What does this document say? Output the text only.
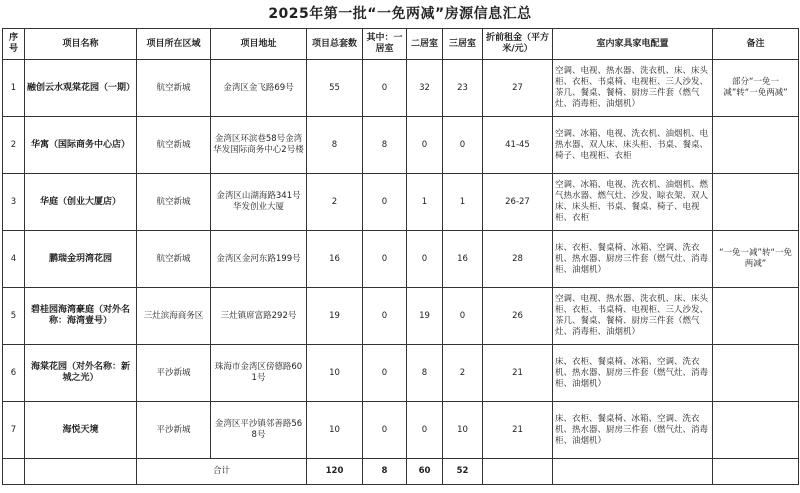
2025年第一批“一免两减”房源信息汇总
序号	项目名称	项目所在区域	项目地址	项目总套数	其中：一居室	二居室	三居室	折前租金（平方米/元）	室内家具家电配置	备注
1	融创云水观棠花园（一期）	航空新城	金湾区金飞路69号	55	0	32	23	27	空调、电视、热水器、洗衣机、床、床头柜、衣柜、书桌椅、电视柜、三人沙发、茶几、餐桌、餐椅、厨房三件套（燃气灶、消毒柜、油烟机）	部分“一免一减”转“一免两减”
2	华寓（国际商务中心店）	航空新城	金湾区环滨巷58号金湾华发国际商务中心2号楼	8	8	0	0	41-45	空调、冰箱、电视、洗衣机、油烟机、电热水器、双人床、床头柜、书桌、餐桌、椅子、电视柜、衣柜	
3	华庭（创业大厦店）	航空新城	金湾区山湖海路341号华发创业大厦	2	0	1	1	26-27	空调、冰箱、电视、洗衣机、油烟机、燃气热水器、燃气灶、沙发、晾衣架、双人床、床头柜、书桌、餐桌、椅子、电视柜、衣柜	
4	鹏瑞金玥湾花园	航空新城	金湾区金河东路199号	16	0	0	16	28	床、衣柜、餐桌椅、冰箱、空调、洗衣机、热水器、厨房三件套（燃气灶、消毒柜、油烟机）	“一免一减”转“一免两减”
5	碧桂园海湾豪庭（对外名称：海湾壹号）	三灶滨海商务区	三灶镇席富路292号	19	0	19	0	26	空调、电视、热水器、洗衣机、床、床头柜、衣柜、书桌椅、电视柜、三人沙发、茶几、餐桌、餐椅、厨房三件套（燃气灶、消毒柜、油烟机）	
6	海棠花园（对外名称：新城之光）	平沙新城	珠海市金湾区傍德路601号	10	0	8	2	21	床、衣柜、餐桌椅、冰箱、空调、洗衣机、热水器、厨房三件套（燃气灶、消毒柜、油烟机）	
7	海悦天境	平沙新城	金湾区平沙镇邻善路568号	10	0	0	10	21	床、衣柜、餐桌椅、冰箱、空调、洗衣机、热水器、厨房三件套（燃气灶、消毒柜、油烟机）	
		合计		120	8	60	52			
